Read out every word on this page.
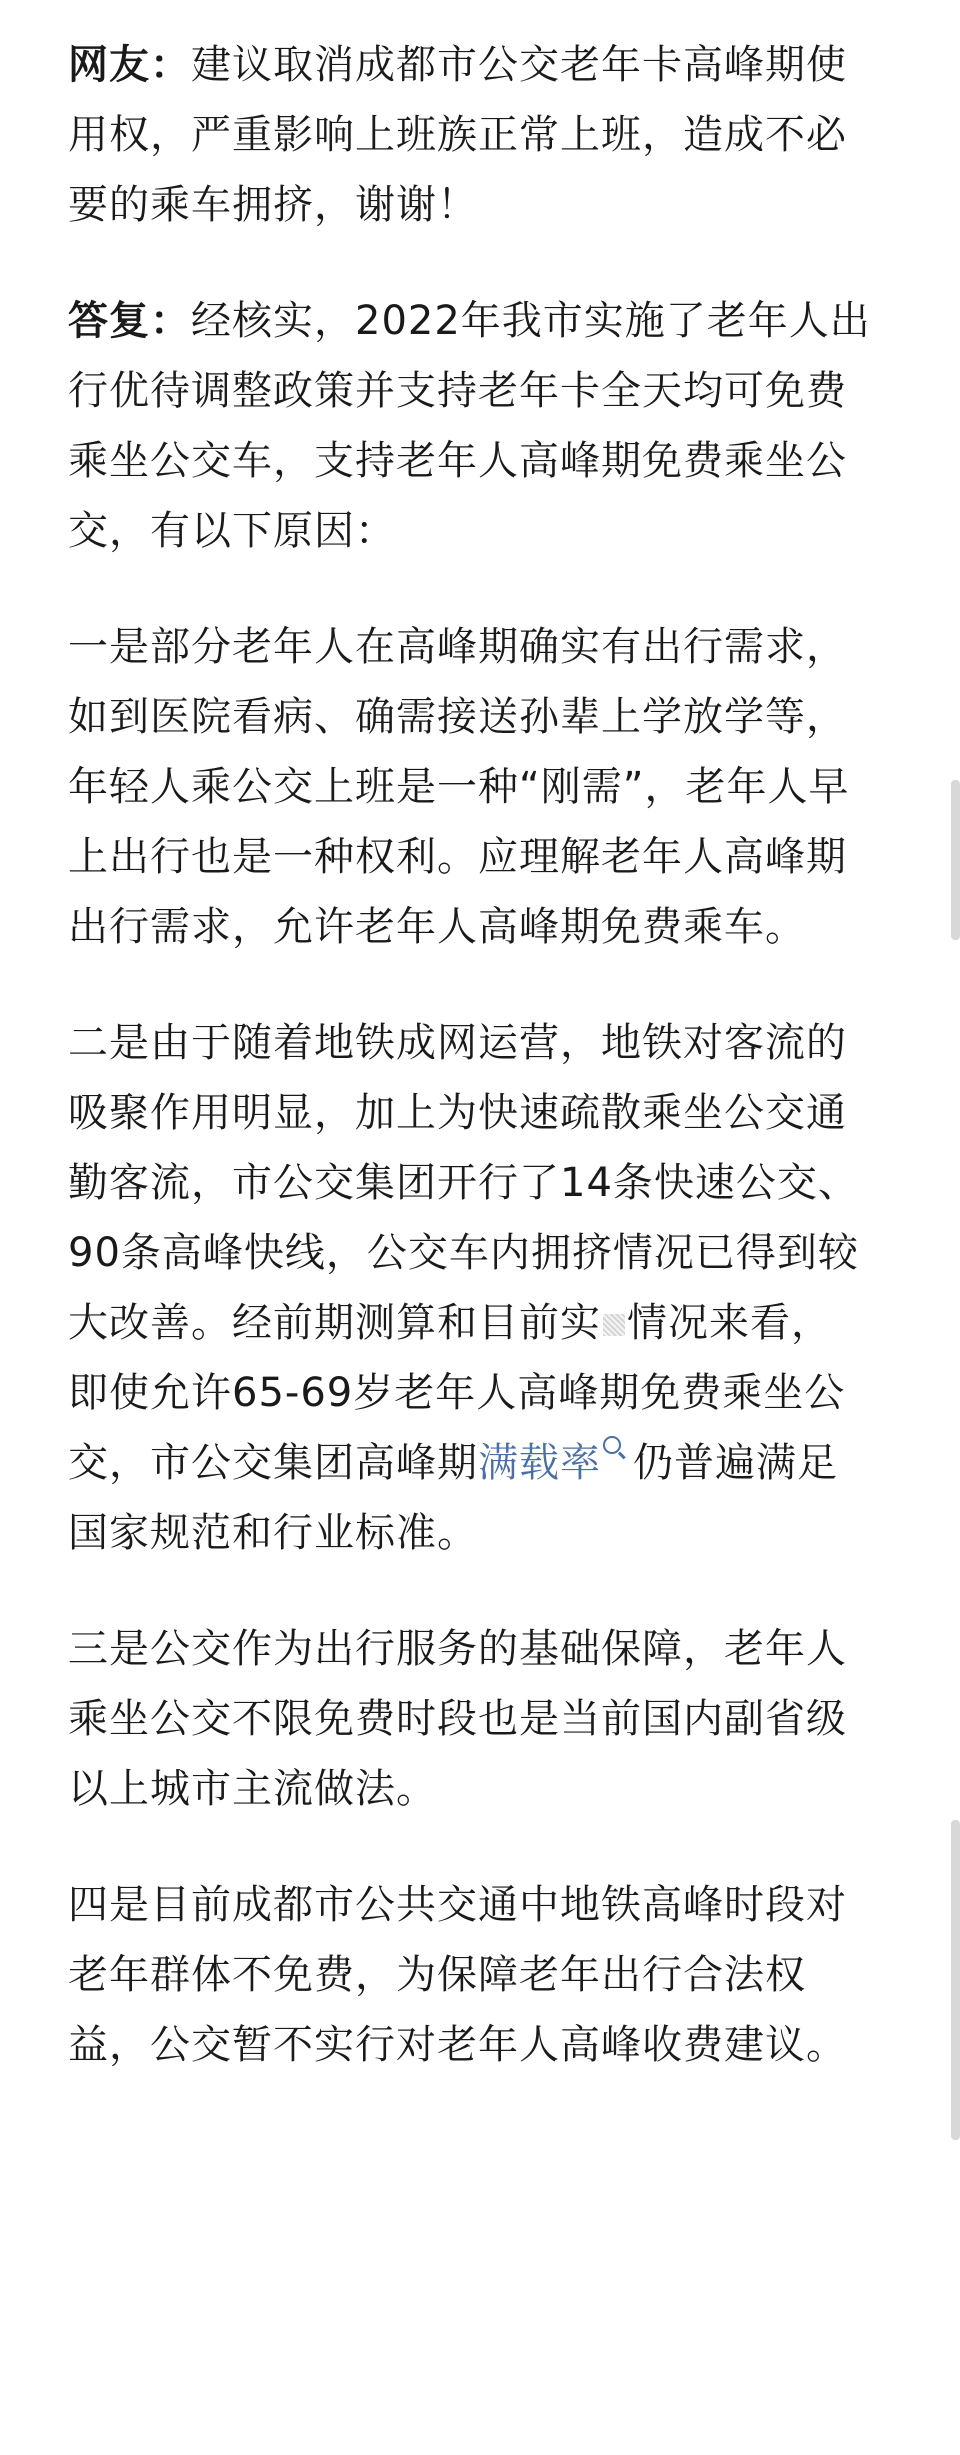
网友：建议取消成都市公交老年卡高峰期使
用权，严重影响上班族正常上班，造成不必
要的乘车拥挤，谢谢！
答复：经核实，2022年我市实施了老年人出
行优待调整政策并支持老年卡全天均可免费
乘坐公交车，支持老年人高峰期免费乘坐公
交，有以下原因：
一是部分老年人在高峰期确实有出行需求，
如到医院看病、确需接送孙辈上学放学等，
年轻人乘公交上班是一种“刚需”，老年人早
上出行也是一种权利。应理解老年人高峰期
出行需求，允许老年人高峰期免费乘车。
二是由于随着地铁成网运营，地铁对客流的
吸聚作用明显，加上为快速疏散乘坐公交通
勤客流，市公交集团开行了14条快速公交、
90条高峰快线，公交车内拥挤情况已得到较
大改善。经前期测算和目前实 情况来看，
即使允许65-69岁老年人高峰期免费乘坐公
交，市公交集团高峰期满载率 仍普遍满足
国家规范和行业标准。
三是公交作为出行服务的基础保障，老年人
乘坐公交不限免费时段也是当前国内副省级
以上城市主流做法。
四是目前成都市公共交通中地铁高峰时段对
老年群体不免费，为保障老年出行合法权
益，公交暂不实行对老年人高峰收费建议。
